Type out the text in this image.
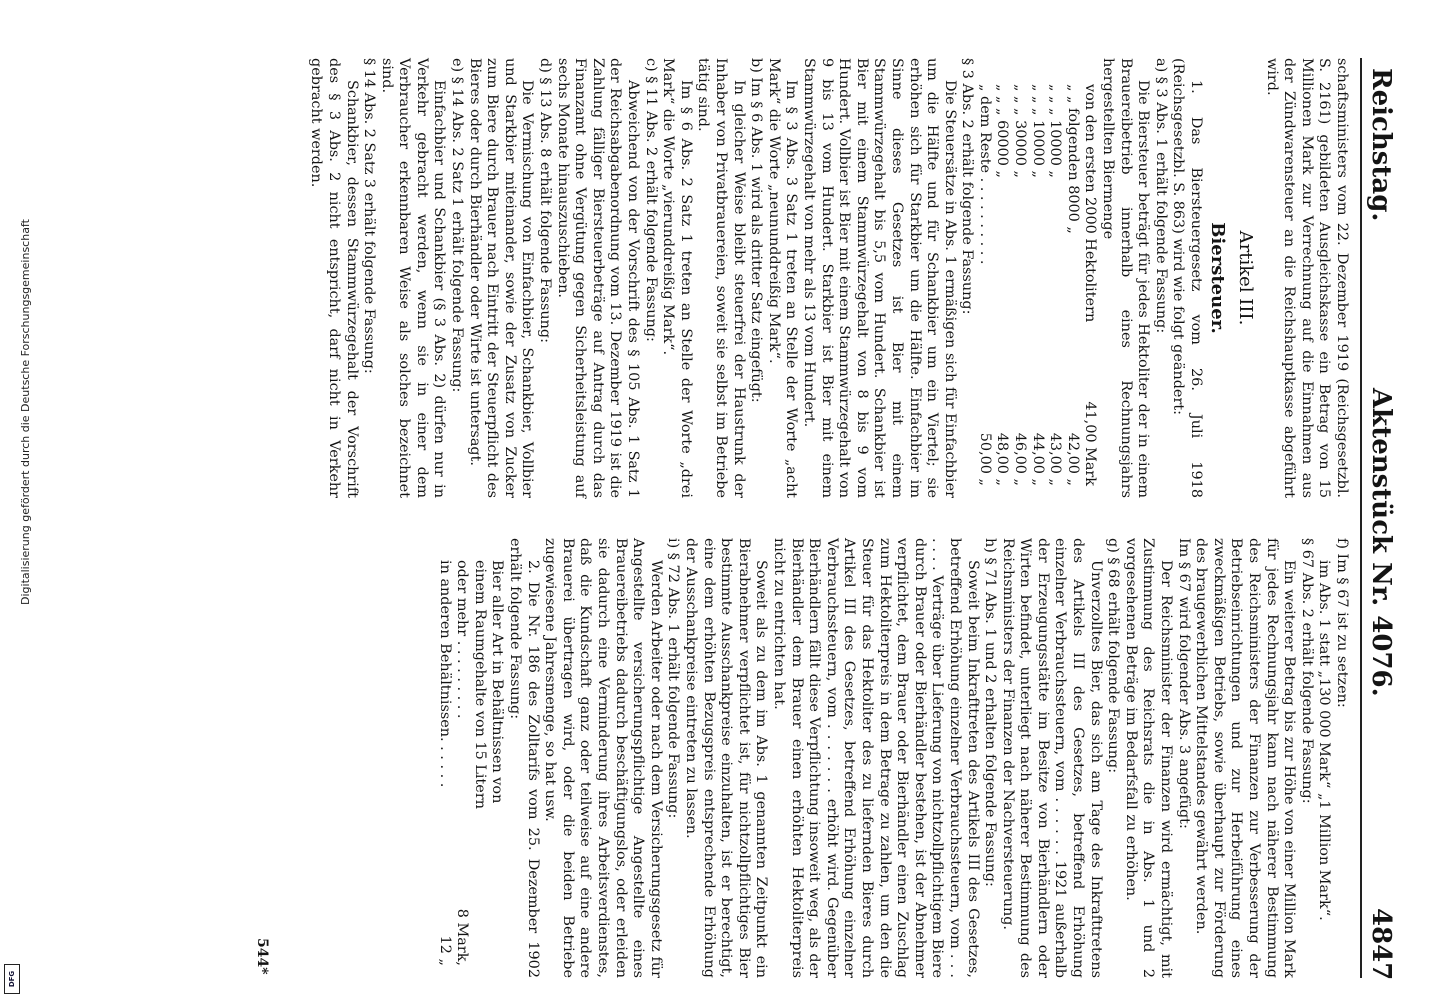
Reichstag.
Aktenstück Nr. 4076.
4847

schaftsministers vom 22. Dezember 1919 (Reichsgesetzbl. S. 2161) gebildeten Ausgleichskasse ein Betrag von 15 Millionen Mark zur Verrechnung auf die Einnahmen aus der Zündwarensteuer an die Reichshauptkasse abgeführt wird.

Artikel III.

Biersteuer.

1. Das Biersteuergesetz vom 26. Juli 1918 (Reichsgesetzbl. S. 863) wird wie folgt geändert:

a) § 3 Abs. 1 erhält folgende Fassung:

Die Biersteuer beträgt für jedes Hektoliter der in einem Brauereibetrieb innerhalb eines Rechnungsjahrs hergestellten Biermenge

von den ersten 2000 Hektolitern
41,00 Mark
„ „ folgenden 8000 „
42,00 „
„ „ „ 10000 „
43,00 „
„ „ „ 10000 „
44,00 „
„ „ „ 30000 „
46,00 „
„ „ „ 60000 „
48,00 „
„ dem Reste . . . . . . . . . .
50,00 „

§ 3 Abs. 2 erhält folgende Fassung:

Die Steuersätze in Abs. 1 ermäßigen sich für Einfachbier um die Hälfte und für Schankbier um ein Viertel; sie erhöhen sich für Starkbier um die Hälfte. Einfachbier im Sinne dieses Gesetzes ist Bier mit einem Stammwürzegehalt bis 5,5 vom Hundert. Schankbier ist Bier mit einem Stammwürzegehalt von 8 bis 9 vom Hundert. Vollbier ist Bier mit einem Stammwürzegehalt von 9 bis 13 vom Hundert. Starkbier ist Bier mit einem Stammwürzegehalt von mehr als 13 vom Hundert.

Im § 3 Abs. 3 Satz 1 treten an Stelle der Worte „acht Mark“ die Worte „neununddreißig Mark“.

b) Im § 6 Abs. 1 wird als dritter Satz eingefügt:

In gleicher Weise bleibt steuerfrei der Haustrunk der Inhaber von Privatbrauereien, soweit sie selbst im Betriebe tätig sind.

Im § 6 Abs. 2 Satz 1 treten an Stelle der Worte „drei Mark“ die Worte „vierunddreißig Mark“.

c) § 11 Abs. 2 erhält folgende Fassung:

Abweichend von der Vorschrift des § 105 Abs. 1 Satz 1 der Reichsabgabenordnung vom 13. Dezember 1919 ist die Zahlung fälliger Biersteuerbeträge auf Antrag durch das Finanzamt ohne Vergütung gegen Sicherheitsleistung auf sechs Monate hinauszuschieben.

d) § 13 Abs. 8 erhält folgende Fassung:

Die Vermischung von Einfachbier, Schankbier, Vollbier und Starkbier miteinander, sowie der Zusatz von Zucker zum Biere durch Brauer nach Eintritt der Steuerpflicht des Bieres oder durch Bierhändler oder Wirte ist untersagt.

e) § 14 Abs. 2 Satz 1 erhält folgende Fassung:

Einfachbier und Schankbier (§ 3 Abs. 2) dürfen nur in Verkehr gebracht werden, wenn sie in einer dem Verbraucher erkennbaren Weise als solches bezeichnet sind.

§ 14 Abs. 2 Satz 3 erhält folgende Fassung:

Schankbier, dessen Stammwürzegehalt der Vorschrift des § 3 Abs. 2 nicht entspricht, darf nicht in Verkehr gebracht werden.

f) Im § 67 ist zu setzen:

im Abs. 1 statt „130 000 Mark“ „1 Million Mark“.

§ 67 Abs. 2 erhält folgende Fassung:

Ein weiterer Betrag bis zur Höhe von einer Million Mark für jedes Rechnungsjahr kann nach näherer Bestimmung des Reichsministers der Finanzen zur Verbesserung der Betriebseinrichtungen und zur Herbeiführung eines zweckmäßigen Betriebs, sowie überhaupt zur Förderung des braugewerblichen Mittelstandes gewährt werden.

Im § 67 wird folgender Abs. 3 angefügt:

Der Reichsminister der Finanzen wird ermächtigt, mit Zustimmung des Reichsrats die in Abs. 1 und 2 vorgesehenen Beträge im Bedarfsfall zu erhöhen.

g) § 68 erhält folgende Fassung:

Unverzolltes Bier, das sich am Tage des Inkrafttretens des Artikels III des Gesetzes, betreffend Erhöhung einzelner Verbrauchssteuern, vom . . . . . . 1921 außerhalb der Erzeugungsstätte im Besitze von Bierhändlern oder Wirten befindet, unterliegt nach näherer Bestimmung des Reichsministers der Finanzen der Nachversteuerung.

h) § 71 Abs. 1 und 2 erhalten folgende Fassung:

Soweit beim Inkrafttreten des Artikels III des Gesetzes, betreffend Erhöhung einzelner Verbrauchssteuern, vom . . . . . . . Verträge über Lieferung von nichtzollpflichtigem Biere durch Brauer oder Bierhändler bestehen, ist der Abnehmer verpflichtet, dem Brauer oder Bierhändler einen Zuschlag zum Hektoliterpreis in dem Betrage zu zahlen, um den die Steuer für das Hektoliter des zu liefernden Bieres durch Artikel III des Gesetzes, betreffend Erhöhung einzelner Verbrauchssteuern, vom . . . . . . . erhöht wird. Gegenüber Bierhändlern fällt diese Verpflichtung insoweit weg, als der Bierhändler dem Brauer einen erhöhten Hektoliterpreis nicht zu entrichten hat.

Soweit als zu dem im Abs. 1 genannten Zeitpunkt ein Bierabnehmer verpflichtet ist, für nichtzollpflichtiges Bier bestimmte Ausschankpreise einzuhalten, ist er berechtigt, eine dem erhöhten Bezugspreis entsprechende Erhöhung der Ausschankpreise eintreten zu lassen.

i) § 72 Abs. 1 erhält folgende Fassung:

Werden Arbeiter oder nach dem Versicherungsgesetz für Angestellte versicherungspflichtige Angestellte eines Brauereibetriebs dadurch beschäftigungslos, oder erleiden sie dadurch eine Verminderung ihres Arbeitsverdienstes, daß die Kundschaft ganz oder teilweise auf eine andere Brauerei übertragen wird, oder die beiden Betriebe zugewiesene Jahresmenge, so hat usw.

2. Die Nr. 186 des Zolltarifs vom 25. Dezember 1902 erhält folgende Fassung:

Bier aller Art in Behältnissen von

einem Raumgehalte von 15 Litern
oder mehr . . . . . . . . .
8 Mark,
in anderen Behältnissen. . . . . .
12 „
544*
Digitalisierung gefördert durch die Deutsche Forschungsgemeinschaft
DFG
